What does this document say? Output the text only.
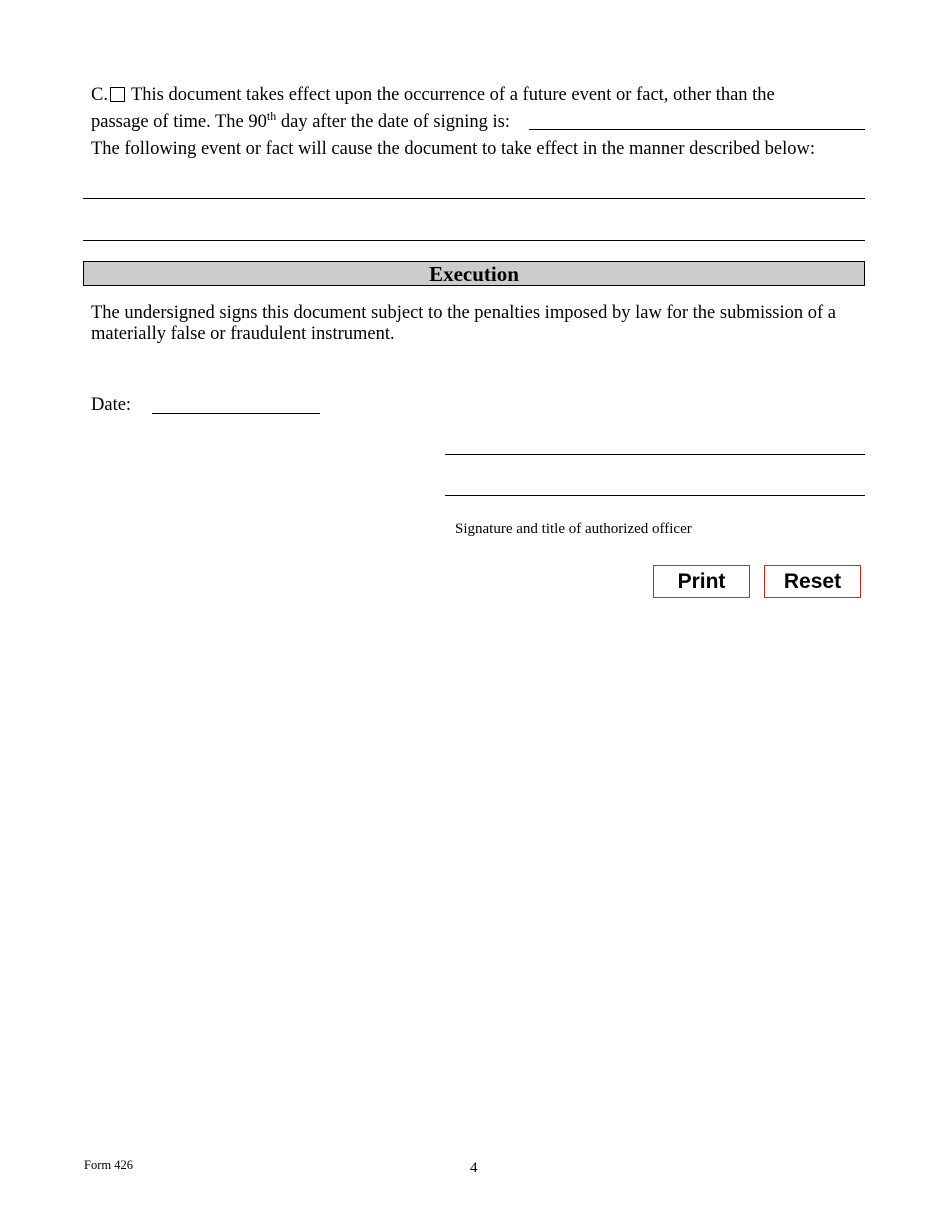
C. This document takes effect upon the occurrence of a future event or fact, other than the
passage of time. The 90th day after the date of signing is:
The following event or fact will cause the document to take effect in the manner described below:
Execution
The undersigned signs this document subject to the penalties imposed by law for the submission of a materially false or fraudulent instrument.
Date:
Signature and title of authorized officer
Print	Reset
Form 426	4
